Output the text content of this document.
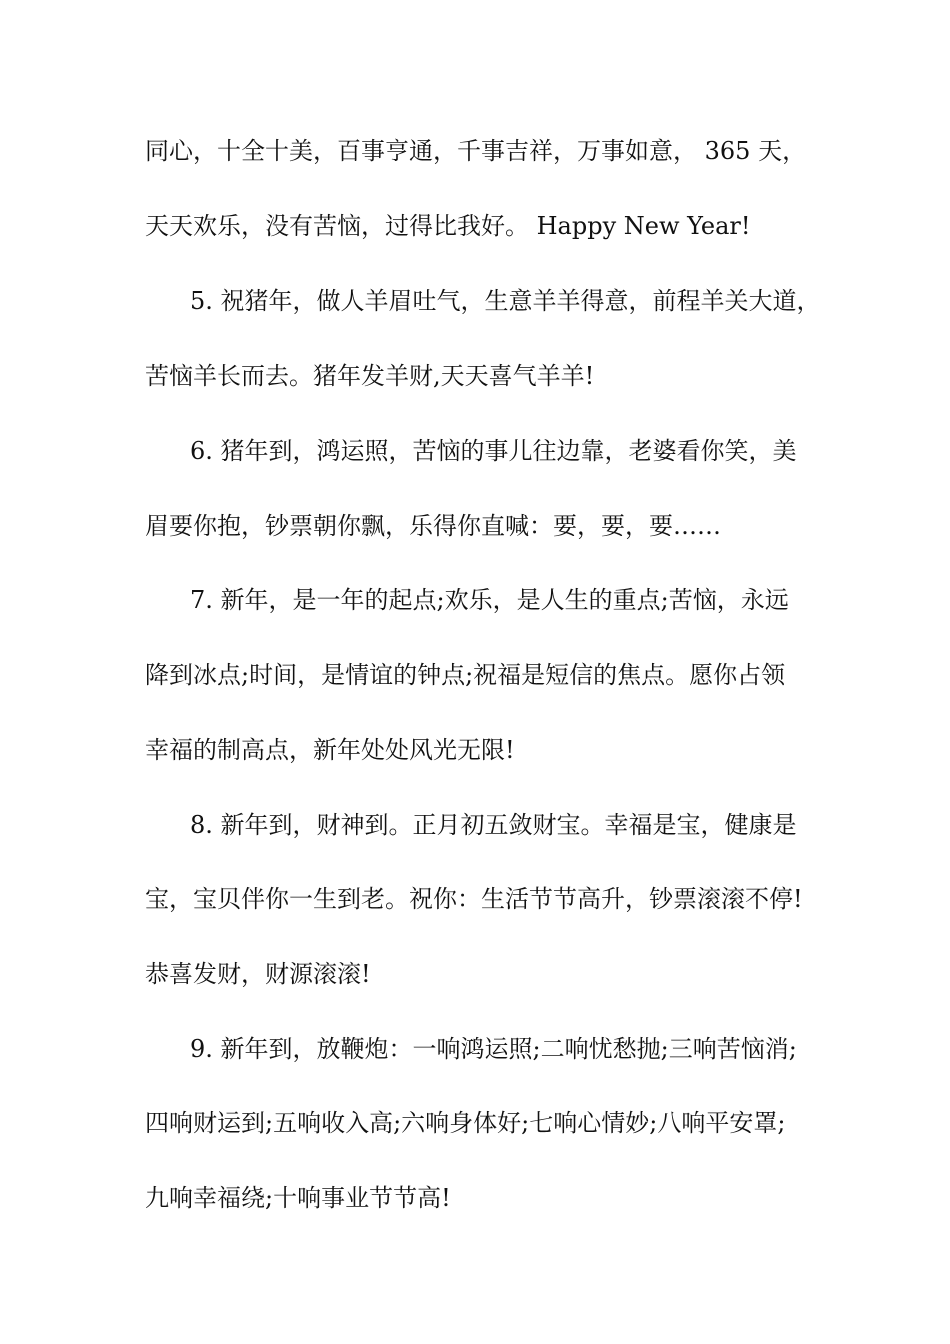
同心，十全十美，百事亨通，千事吉祥，万事如意， 365 天，
天天欢乐，没有苦恼，过得比我好。 Happy New Year!
5. 祝猪年，做人羊眉吐气，生意羊羊得意，前程羊关大道，
苦恼羊长而去。猪年发羊财,天天喜气羊羊!
6. 猪年到，鸿运照，苦恼的事儿往边靠，老婆看你笑，美
眉要你抱，钞票朝你飘，乐得你直喊：要，要，要……
7. 新年，是一年的起点;欢乐，是人生的重点;苦恼，永远
降到冰点;时间，是情谊的钟点;祝福是短信的焦点。愿你占领
幸福的制高点，新年处处风光无限!
8. 新年到，财神到。正月初五敛财宝。幸福是宝，健康是
宝，宝贝伴你一生到老。祝你：生活节节高升，钞票滚滚不停!
恭喜发财，财源滚滚!
9. 新年到，放鞭炮：一响鸿运照;二响忧愁抛;三响苦恼消;
四响财运到;五响收入高;六响身体好;七响心情妙;八响平安罩;
九响幸福绕;十响事业节节高!
